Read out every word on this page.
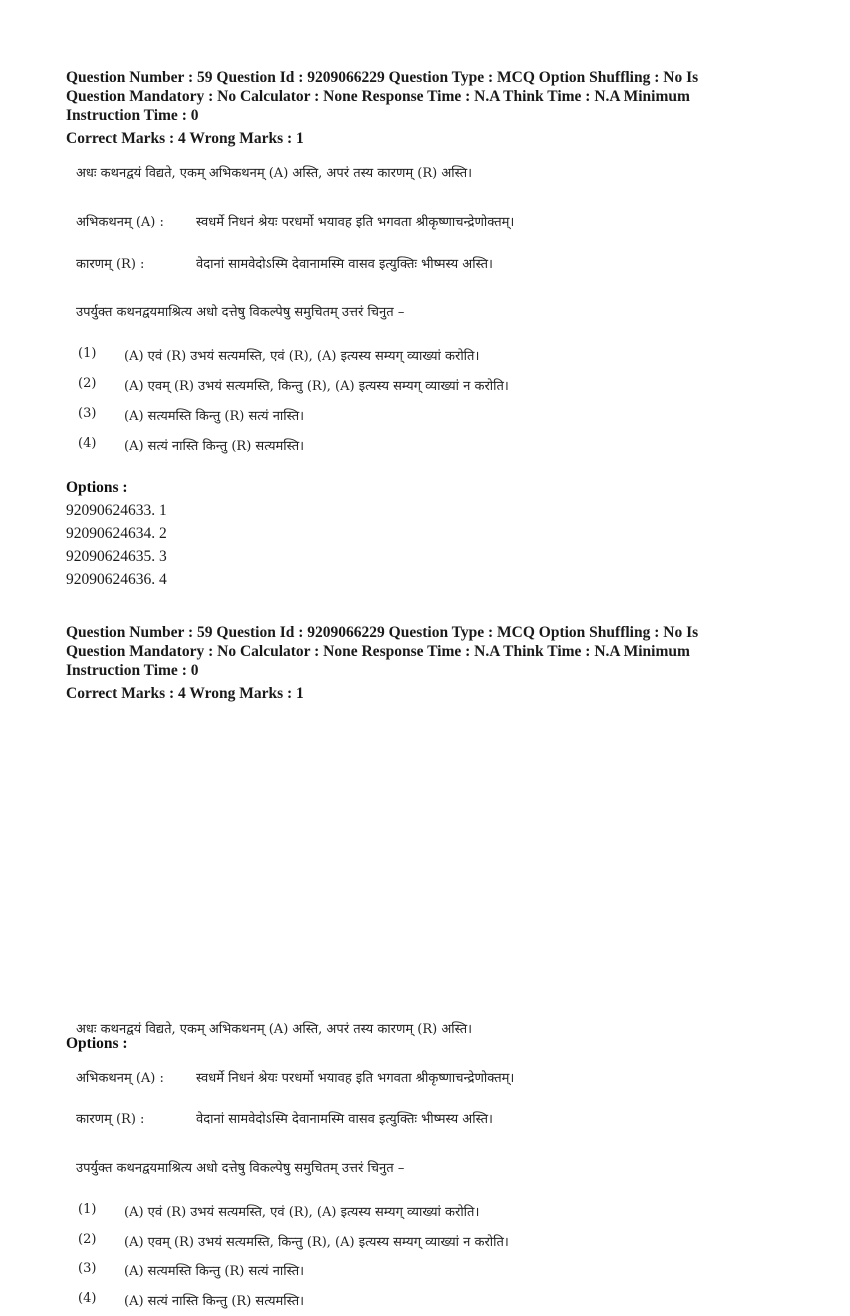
Question Number : 59 Question Id : 9209066229 Question Type : MCQ Option Shuffling : No Is
Question Mandatory : No Calculator : None Response Time : N.A Think Time : N.A Minimum
Instruction Time : 0
Correct Marks : 4 Wrong Marks : 1
अधः कथनद्वयं विद्यते, एकम् अभिकथनम् (A) अस्ति, अपरं तस्य कारणम् (R) अस्ति।
अभिकथनम् (A) : स्वधर्मे निधनं श्रेयः परधर्मो भयावह इति भगवता श्रीकृष्णाचन्द्रेणोक्तम्।
कारणम् (R) :	वेदानां सामवेदोऽस्मि देवानामस्मि वासव इत्युक्तिः भीष्मस्य अस्ति।
उपर्युक्त कथनद्वयमाश्रित्य अधो दत्तेषु विकल्पेषु समुचितम् उत्तरं चिनुत –
(1) (A) एवं (R) उभयं सत्यमस्ति, एवं (R), (A) इत्यस्य सम्यग् व्याख्यां करोति।
(2) (A) एवम् (R) उभयं सत्यमस्ति, किन्तु (R), (A) इत्यस्य सम्यग् व्याख्यां न करोति।
(3) (A) सत्यमस्ति किन्तु (R) सत्यं नास्ति।
(4) (A) सत्यं नास्ति किन्तु (R) सत्यमस्ति।
Options :
92090624633. 1
92090624634. 2
92090624635. 3
92090624636. 4
Question Number : 59 Question Id : 9209066229 Question Type : MCQ Option Shuffling : No Is
Question Mandatory : No Calculator : None Response Time : N.A Think Time : N.A Minimum
Instruction Time : 0
Correct Marks : 4 Wrong Marks : 1
अधः कथनद्वयं विद्यते, एकम् अभिकथनम् (A) अस्ति, अपरं तस्य कारणम् (R) अस्ति।
अभिकथनम् (A) : स्वधर्मे निधनं श्रेयः परधर्मो भयावह इति भगवता श्रीकृष्णाचन्द्रेणोक्तम्।
कारणम् (R) :	वेदानां सामवेदोऽस्मि देवानामस्मि वासव इत्युक्तिः भीष्मस्य अस्ति।
उपर्युक्त कथनद्वयमाश्रित्य अधो दत्तेषु विकल्पेषु समुचितम् उत्तरं चिनुत –
(1) (A) एवं (R) उभयं सत्यमस्ति, एवं (R), (A) इत्यस्य सम्यग् व्याख्यां करोति।
(2) (A) एवम् (R) उभयं सत्यमस्ति, किन्तु (R), (A) इत्यस्य सम्यग् व्याख्यां न करोति।
(3) (A) सत्यमस्ति किन्तु (R) सत्यं नास्ति।
(4) (A) सत्यं नास्ति किन्तु (R) सत्यमस्ति।
Options :
